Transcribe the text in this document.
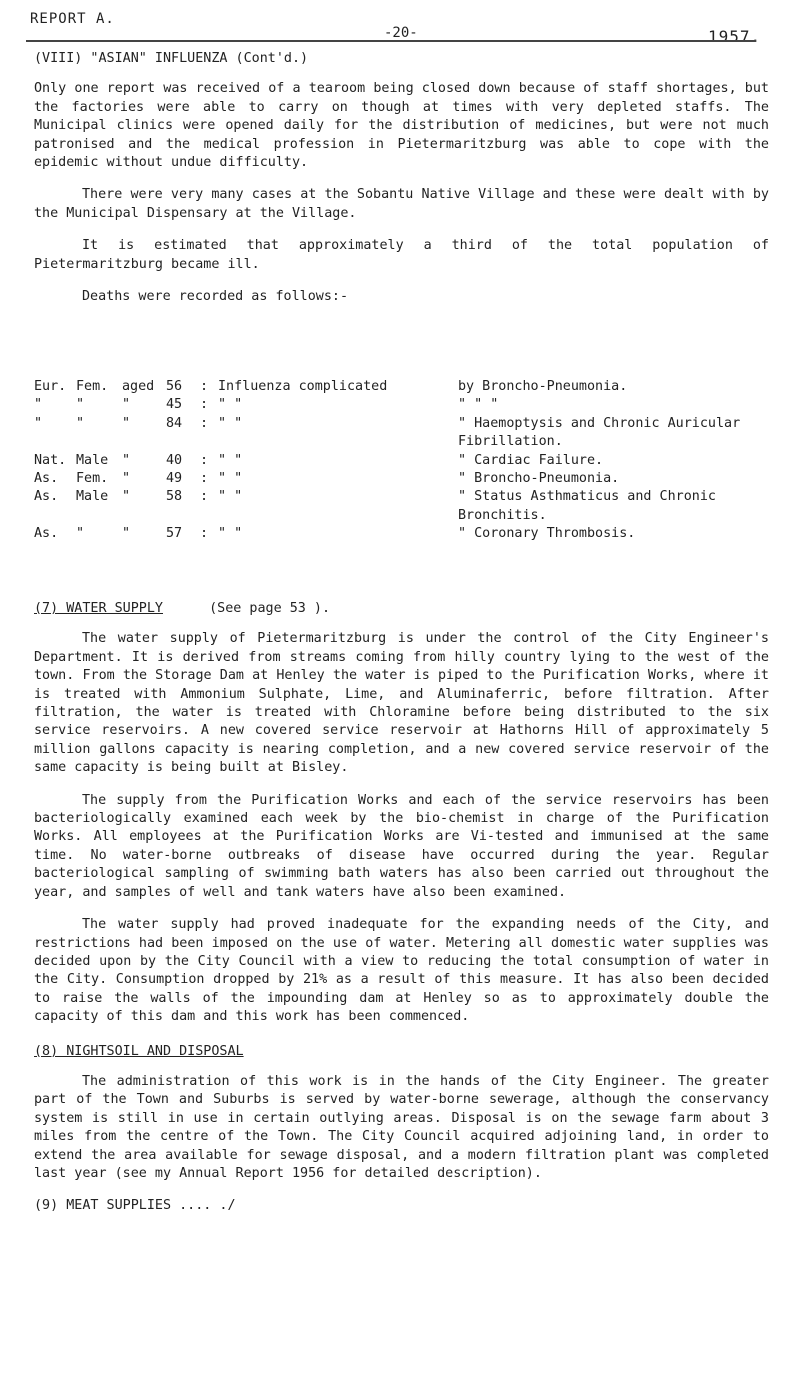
REPORT A.
-20-	1957.

(VIII) "ASIAN" INFLUENZA (Cont'd.)

Only one report was received of a tearoom being closed down because of staff shortages, but the factories were able to carry on though at times with very depleted staffs. The Municipal clinics were opened daily for the distribution of medicines, but were not much patronised and the medical profession in Pietermaritzburg was able to cope with the epidemic without undue difficulty.

There were very many cases at the Sobantu Native Village and these were dealt with by the Municipal Dispensary at the Village.

It is estimated that approximately a third of the total population of Pietermaritzburg became ill.

Deaths were recorded as follows:-

Eur. Fem. aged 56 : Influenza complicated	by Broncho-Pneumonia.
"	"	"	45 : " "	" " "
"	"	"	84 : " "	" Haemoptysis and Chronic Auricular Fibrillation.
Nat. Male "	40 : " "	" Cardiac Failure.
As. Fem. "	49 : " "	" Broncho-Pneumonia.
As. Male "	58 : " "	" Status Asthmaticus and Chronic Bronchitis.
As. "	"	57 : " "	" Coronary Thrombosis.

(7) WATER SUPPLY	(See page 53 ).

The water supply of Pietermaritzburg is under the control of the City Engineer's Department. It is derived from streams coming from hilly country lying to the west of the town. From the Storage Dam at Henley the water is piped to the Purification Works, where it is treated with Ammonium Sulphate, Lime, and Aluminaferric, before filtration. After filtration, the water is treated with Chloramine before being distributed to the six service reservoirs. A new covered service reservoir at Hathorns Hill of approximately 5 million gallons capacity is nearing completion, and a new covered service reservoir of the same capacity is being built at Bisley.

The supply from the Purification Works and each of the service reservoirs has been bacteriologically examined each week by the bio-chemist in charge of the Purification Works. All employees at the Purification Works are Vi-tested and immunised at the same time. No water-borne outbreaks of disease have occurred during the year. Regular bacteriological sampling of swimming bath waters has also been carried out throughout the year, and samples of well and tank waters have also been examined.

The water supply had proved inadequate for the expanding needs of the City, and restrictions had been imposed on the use of water. Metering all domestic water supplies was decided upon by the City Council with a view to reducing the total consumption of water in the City. Consumption dropped by 21% as a result of this measure. It has also been decided to raise the walls of the impounding dam at Henley so as to approximately double the capacity of this dam and this work has been commenced.

(8) NIGHTSOIL AND DISPOSAL

The administration of this work is in the hands of the City Engineer. The greater part of the Town and Suburbs is served by water-borne sewerage, although the conservancy system is still in use in certain outlying areas. Disposal is on the sewage farm about 3 miles from the centre of the Town. The City Council acquired adjoining land, in order to extend the area available for sewage disposal, and a modern filtration plant was completed last year (see my Annual Report 1956 for detailed description).

(9) MEAT SUPPLIES .... ./
